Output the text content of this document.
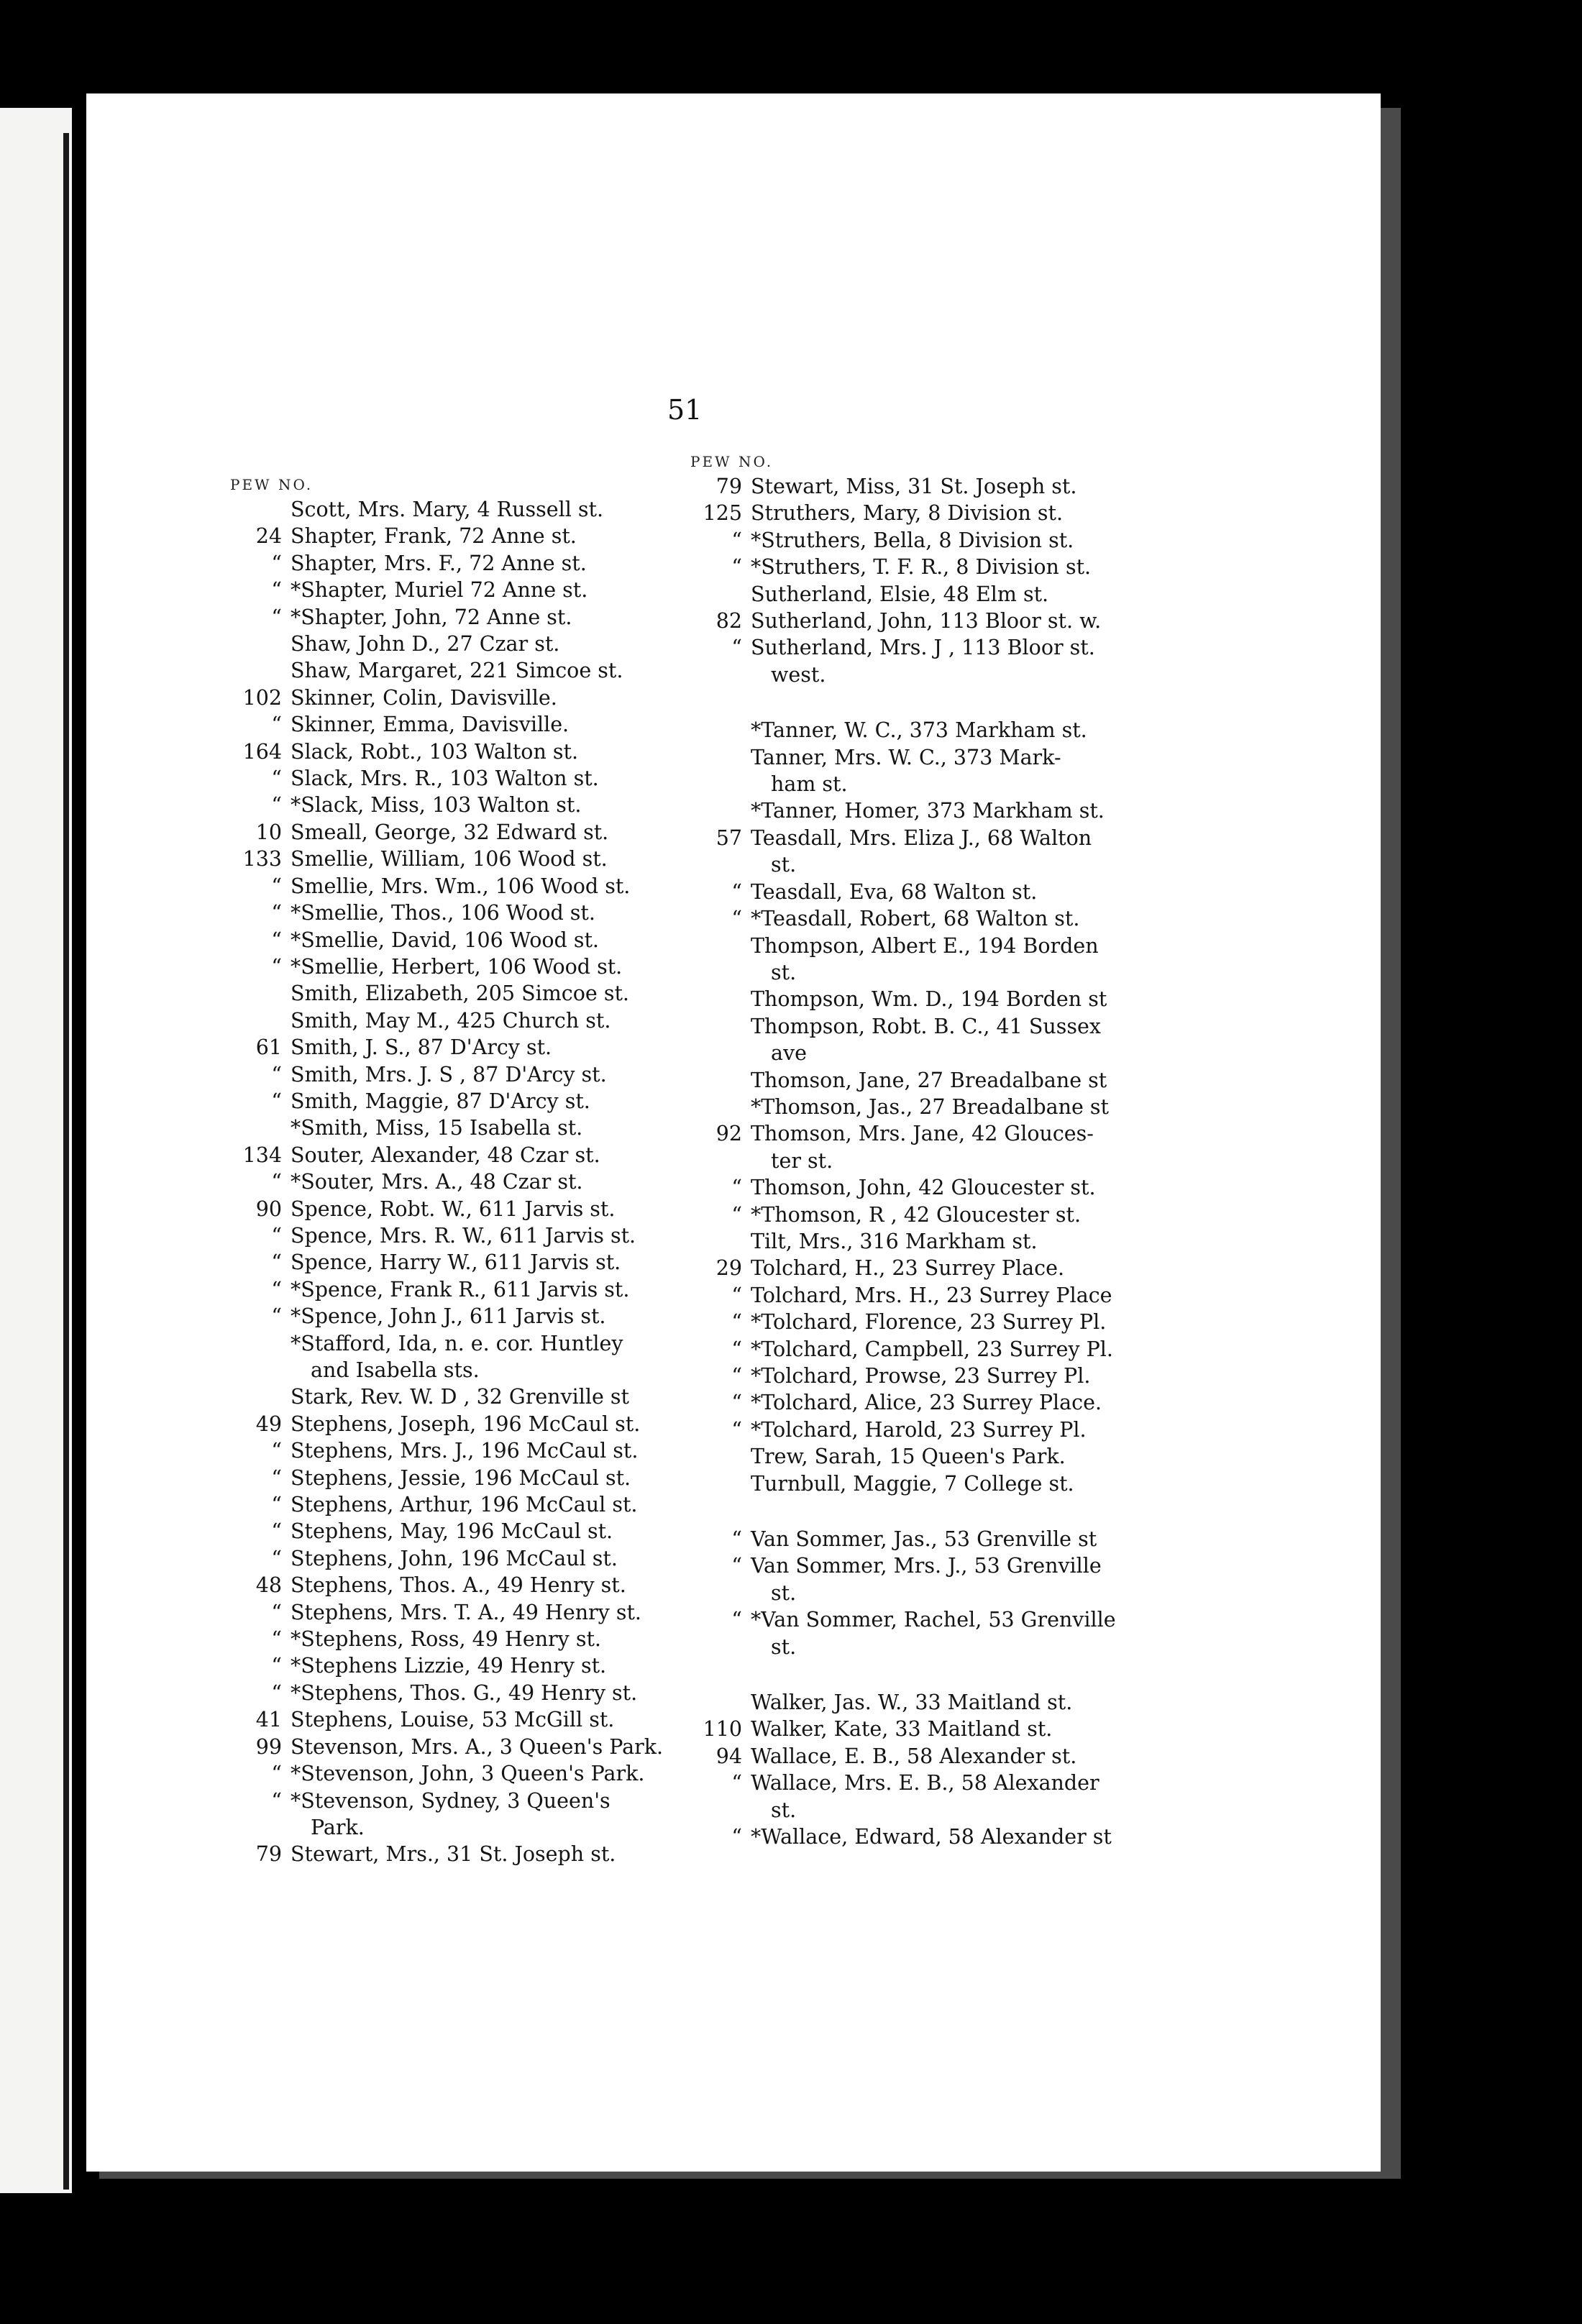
51
PEW NO.
Scott, Mrs. Mary, 4 Russell st.
24 Shapter, Frank, 72 Anne st.
“ Shapter, Mrs. F., 72 Anne st.
“ *Shapter, Muriel 72 Anne st.
“ *Shapter, John, 72 Anne st.
Shaw, John D., 27 Czar st.
Shaw, Margaret, 221 Simcoe st.
102 Skinner, Colin, Davisville.
“ Skinner, Emma, Davisville.
164 Slack, Robt., 103 Walton st.
“ Slack, Mrs. R., 103 Walton st.
“ *Slack, Miss, 103 Walton st.
10 Smeall, George, 32 Edward st.
133 Smellie, William, 106 Wood st.
“ Smellie, Mrs. Wm., 106 Wood st.
“ *Smellie, Thos., 106 Wood st.
“ *Smellie, David, 106 Wood st.
“ *Smellie, Herbert, 106 Wood st.
Smith, Elizabeth, 205 Simcoe st.
Smith, May M., 425 Church st.
61 Smith, J. S., 87 D'Arcy st.
“ Smith, Mrs. J. S , 87 D'Arcy st.
“ Smith, Maggie, 87 D'Arcy st.
*Smith, Miss, 15 Isabella st.
134 Souter, Alexander, 48 Czar st.
“ *Souter, Mrs. A., 48 Czar st.
90 Spence, Robt. W., 611 Jarvis st.
“ Spence, Mrs. R. W., 611 Jarvis st.
“ Spence, Harry W., 611 Jarvis st.
“ *Spence, Frank R., 611 Jarvis st.
“ *Spence, John J., 611 Jarvis st.
*Stafford, Ida, n. e. cor. Huntley
and Isabella sts.
Stark, Rev. W. D , 32 Grenville st
49 Stephens, Joseph, 196 McCaul st.
“ Stephens, Mrs. J., 196 McCaul st.
“ Stephens, Jessie, 196 McCaul st.
“ Stephens, Arthur, 196 McCaul st.
“ Stephens, May, 196 McCaul st.
“ Stephens, John, 196 McCaul st.
48 Stephens, Thos. A., 49 Henry st.
“ Stephens, Mrs. T. A., 49 Henry st.
“ *Stephens, Ross, 49 Henry st.
“ *Stephens Lizzie, 49 Henry st.
“ *Stephens, Thos. G., 49 Henry st.
41 Stephens, Louise, 53 McGill st.
99 Stevenson, Mrs. A., 3 Queen's Park.
“ *Stevenson, John, 3 Queen's Park.
“ *Stevenson, Sydney, 3 Queen's
Park.
79 Stewart, Mrs., 31 St. Joseph st.
PEW NO.
79 Stewart, Miss, 31 St. Joseph st.
125 Struthers, Mary, 8 Division st.
“ *Struthers, Bella, 8 Division st.
“ *Struthers, T. F. R., 8 Division st.
Sutherland, Elsie, 48 Elm st.
82 Sutherland, John, 113 Bloor st. w.
“ Sutherland, Mrs. J , 113 Bloor st.
west.
*Tanner, W. C., 373 Markham st.
Tanner, Mrs. W. C., 373 Mark-
ham st.
*Tanner, Homer, 373 Markham st.
57 Teasdall, Mrs. Eliza J., 68 Walton
st.
“ Teasdall, Eva, 68 Walton st.
“ *Teasdall, Robert, 68 Walton st.
Thompson, Albert E., 194 Borden
st.
Thompson, Wm. D., 194 Borden st
Thompson, Robt. B. C., 41 Sussex
ave
Thomson, Jane, 27 Breadalbane st
*Thomson, Jas., 27 Breadalbane st
92 Thomson, Mrs. Jane, 42 Glouces-
ter st.
“ Thomson, John, 42 Gloucester st.
“ *Thomson, R , 42 Gloucester st.
Tilt, Mrs., 316 Markham st.
29 Tolchard, H., 23 Surrey Place.
“ Tolchard, Mrs. H., 23 Surrey Place
“ *Tolchard, Florence, 23 Surrey Pl.
“ *Tolchard, Campbell, 23 Surrey Pl.
“ *Tolchard, Prowse, 23 Surrey Pl.
“ *Tolchard, Alice, 23 Surrey Place.
“ *Tolchard, Harold, 23 Surrey Pl.
Trew, Sarah, 15 Queen's Park.
Turnbull, Maggie, 7 College st.
“ Van Sommer, Jas., 53 Grenville st
“ Van Sommer, Mrs. J., 53 Grenville
st.
“ *Van Sommer, Rachel, 53 Grenville
st.
Walker, Jas. W., 33 Maitland st.
110 Walker, Kate, 33 Maitland st.
94 Wallace, E. B., 58 Alexander st.
“ Wallace, Mrs. E. B., 58 Alexander
st.
“ *Wallace, Edward, 58 Alexander st
